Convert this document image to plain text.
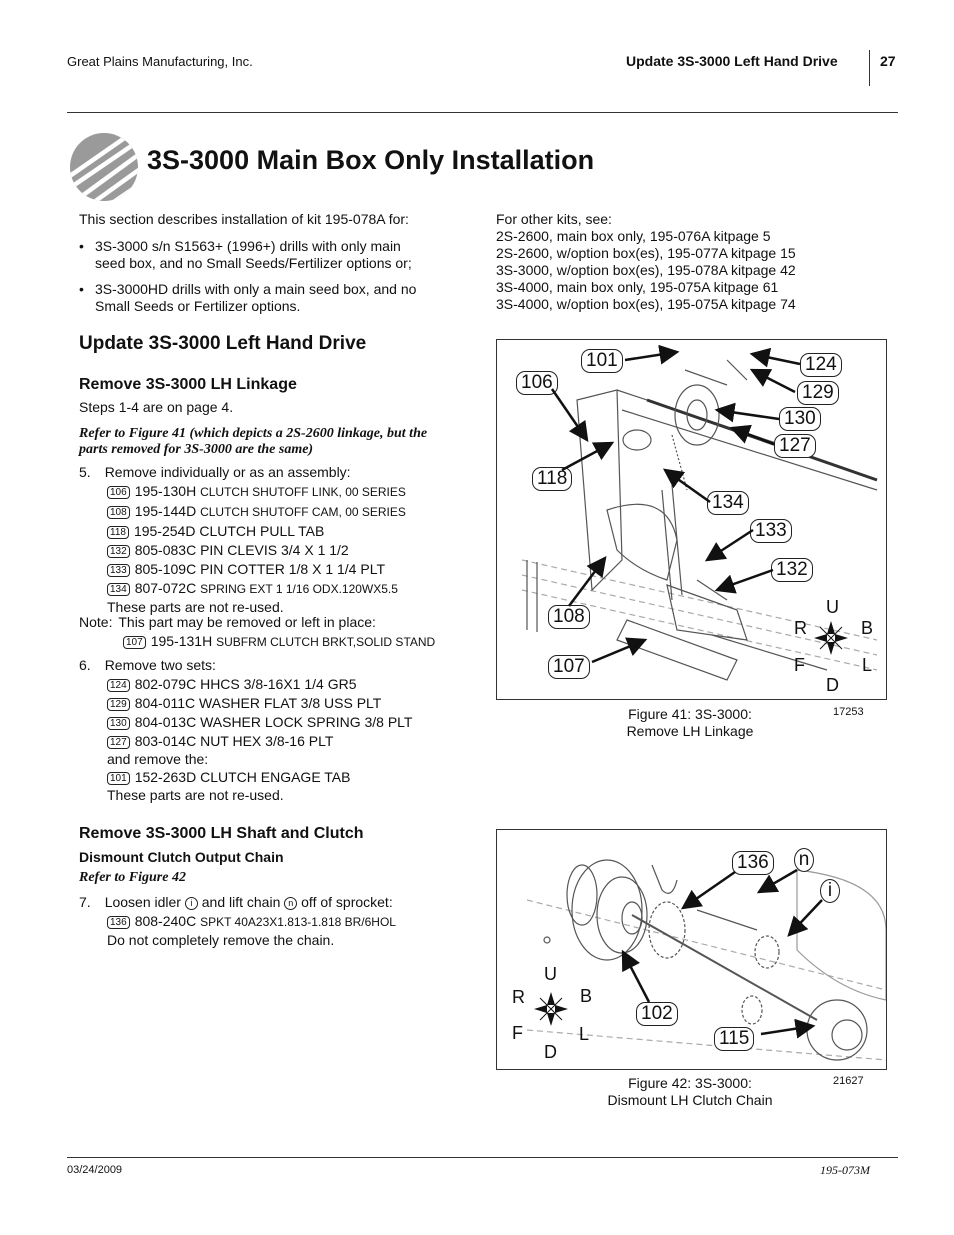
Great Plains Manufacturing, Inc.	Update 3S-3000 Left Hand Drive	27
3S-3000 Main Box Only Installation
This section describes installation of kit 195-078A for:
• 3S-3000 s/n S1563+ (1996+) drills with only main
seed box, and no Small Seeds/Fertilizer options or;
• 3S-3000HD drills with only a main seed box, and no
Small Seeds or Fertilizer options.
For other kits, see:
2S-2600, main box only, 195-076A kitpage 5
2S-2600, w/option box(es), 195-077A kitpage 15
3S-3000, w/option box(es), 195-078A kitpage 42
3S-4000, main box only, 195-075A kitpage 61
3S-4000, w/option box(es), 195-075A kitpage 74
Update 3S-3000 Left Hand Drive
Remove 3S-3000 LH Linkage
Steps 1-4 are on page 4.
Refer to Figure 41 (which depicts a 2S-2600 linkage, but the
parts removed for 3S-3000 are the same)
5. Remove individually or as an assembly:
106 195-130H CLUTCH SHUTOFF LINK, 00 SERIES
108 195-144D CLUTCH SHUTOFF CAM, 00 SERIES
118 195-254D CLUTCH PULL TAB
132 805-083C PIN CLEVIS 3/4 X 1 1/2
133 805-109C PIN COTTER 1/8 X 1 1/4 PLT
134 807-072C SPRING EXT 1 1/16 ODX.120WX5.5
These parts are not re-used.
Note: This part may be removed or left in place:
107 195-131H SUBFRM CLUTCH BRKT,SOLID STAND
6. Remove two sets:
124 802-079C HHCS 3/8-16X1 1/4 GR5
129 804-011C WASHER FLAT 3/8 USS PLT
130 804-013C WASHER LOCK SPRING 3/8 PLT
127 803-014C NUT HEX 3/8-16 PLT
and remove the:
101 152-263D CLUTCH ENGAGE TAB
These parts are not re-used.
Remove 3S-3000 LH Shaft and Clutch
Dismount Clutch Output Chain
Refer to Figure 42
7. Loosen idler i and lift chain n off of sprocket:
136 808-240C SPKT 40A23X1.813-1.818 BR/6HOL
Do not completely remove the chain.
101	124
106	129
130
127
118
134
133
132
108
107
U
R	B
F	L
D
Figure 41: 3S-3000:
Remove LH Linkage
17253
136 n
i
102
115
U
R	B
F	L
D
Figure 42: 3S-3000:
Dismount LH Clutch Chain
21627
03/24/2009	195-073M
